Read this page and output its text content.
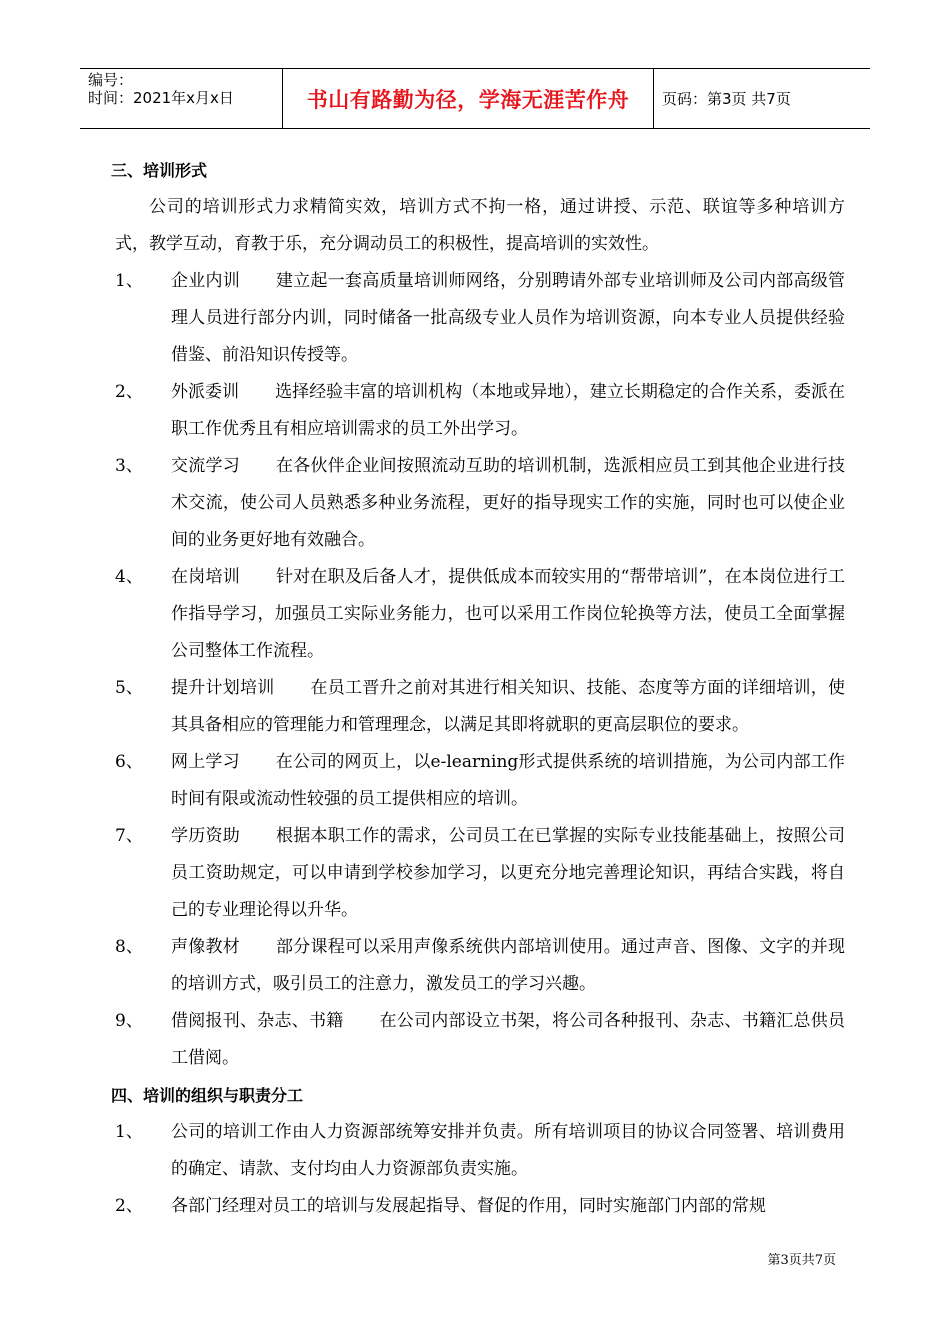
编号：
时间：2021年x月x日	书山有路勤为径，学海无涯苦作舟	页码：第3页 共7页
三、培训形式
公司的培训形式力求精简实效，培训方式不拘一格，通过讲授、示范、联谊等多种培训方式，教学互动，育教于乐，充分调动员工的积极性，提高培训的实效性。
1、	企业内训 建立起一套高质量培训师网络，分别聘请外部专业培训师及公司内部高级管理人员进行部分内训，同时储备一批高级专业人员作为培训资源，向本专业人员提供经验借鉴、前沿知识传授等。
2、	外派委训 选择经验丰富的培训机构（本地或异地），建立长期稳定的合作关系，委派在职工作优秀且有相应培训需求的员工外出学习。
3、	交流学习 在各伙伴企业间按照流动互助的培训机制，选派相应员工到其他企业进行技术交流，使公司人员熟悉多种业务流程，更好的指导现实工作的实施，同时也可以使企业间的业务更好地有效融合。
4、	在岗培训 针对在职及后备人才，提供低成本而较实用的“帮带培训”，在本岗位进行工作指导学习，加强员工实际业务能力，也可以采用工作岗位轮换等方法，使员工全面掌握公司整体工作流程。
5、	提升计划培训 在员工晋升之前对其进行相关知识、技能、态度等方面的详细培训，使其具备相应的管理能力和管理理念，以满足其即将就职的更高层职位的要求。
6、	网上学习 在公司的网页上，以e-learning形式提供系统的培训措施，为公司内部工作时间有限或流动性较强的员工提供相应的培训。
7、	学历资助 根据本职工作的需求，公司员工在已掌握的实际专业技能基础上，按照公司员工资助规定，可以申请到学校参加学习，以更充分地完善理论知识，再结合实践，将自己的专业理论得以升华。
8、	声像教材 部分课程可以采用声像系统供内部培训使用。通过声音、图像、文字的并现的培训方式，吸引员工的注意力，激发员工的学习兴趣。
9、	借阅报刊、杂志、书籍 在公司内部设立书架，将公司各种报刊、杂志、书籍汇总供员工借阅。
四、培训的组织与职责分工
1、	公司的培训工作由人力资源部统筹安排并负责。所有培训项目的协议合同签署、培训费用的确定、请款、支付均由人力资源部负责实施。
2、	各部门经理对员工的培训与发展起指导、督促的作用，同时实施部门内部的常规
第3页共7页
